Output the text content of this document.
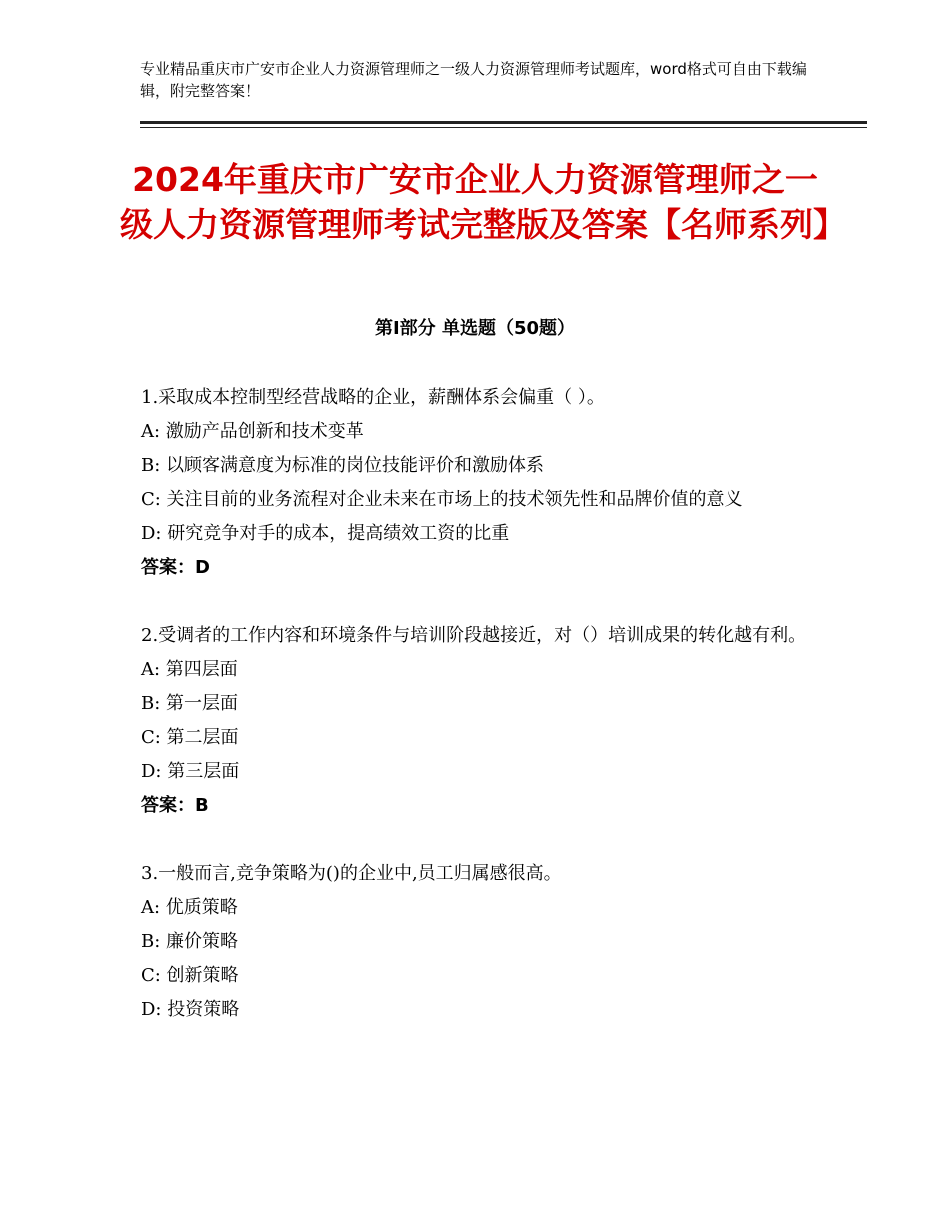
专业精品重庆市广安市企业人力资源管理师之一级人力资源管理师考试题库，word格式可自由下载编辑，附完整答案！
2024年重庆市广安市企业人力资源管理师之一级人力资源管理师考试完整版及答案【名师系列】
第Ⅰ部分 单选题（50题）
1.采取成本控制型经营战略的企业，薪酬体系会偏重（ ）。
A: 激励产品创新和技术变革
B: 以顾客满意度为标准的岗位技能评价和激励体系
C: 关注目前的业务流程对企业未来在市场上的技术领先性和品牌价值的意义
D: 研究竞争对手的成本，提高绩效工资的比重
答案：D
2.受调者的工作内容和环境条件与培训阶段越接近，对（）培训成果的转化越有利。
A: 第四层面
B: 第一层面
C: 第二层面
D: 第三层面
答案：B
3.一般而言,竞争策略为()的企业中,员工归属感很高。
A: 优质策略
B: 廉价策略
C: 创新策略
D: 投资策略
